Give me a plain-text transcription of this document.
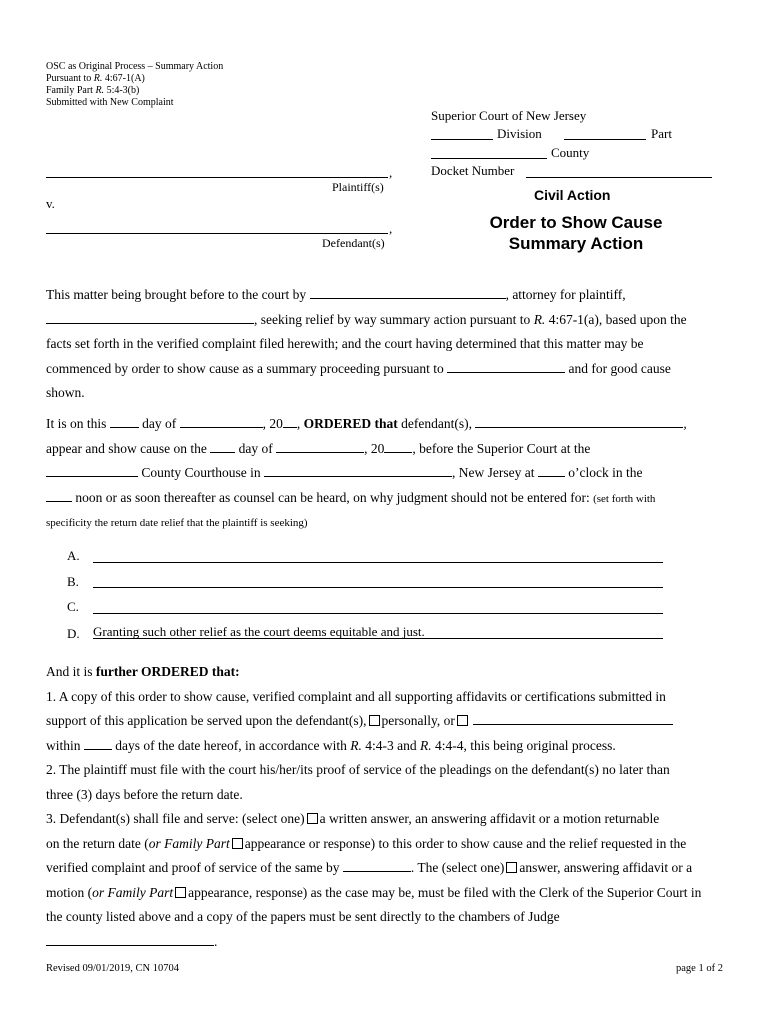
OSC as Original Process – Summary Action
Pursuant to R. 4:67-1(A)
Family Part R. 5:4-3(b)
Submitted with New Complaint
Superior Court of New Jersey
Division	Part
County
Docket Number
,
Plaintiff(s)
v.
,
Defendant(s)
Civil Action
Order to Show Cause
Summary Action
This matter being brought before to the court by	, attorney for plaintiff,
, seeking relief by way summary action pursuant to R. 4:67-1(a), based upon the
facts set forth in the verified complaint filed herewith; and the court having determined that this matter may be
commenced by order to show cause as a summary proceeding pursuant to	and for good cause
shown.
It is on this	day of	, 20 , ORDERED that defendant(s),	,
appear and show cause on the day of	, 20 , before the Superior Court at the
County Courthouse in	, New Jersey at	o’clock in the
noon or as soon thereafter as counsel can be heard, on why judgment should not be entered for: (set forth with
specificity the return date relief that the plaintiff is seeking)
A.
B.
C.
D. Granting such other relief as the court deems equitable and just.
And it is further ORDERED that:
1. A copy of this order to show cause, verified complaint and all supporting affidavits or certifications submitted in
support of this application be served upon the defendant(s), personally, or
within	days of the date hereof, in accordance with R. 4:4-3 and R. 4:4-4, this being original process.
2. The plaintiff must file with the court his/her/its proof of service of the pleadings on the defendant(s) no later than
three (3) days before the return date.
3. Defendant(s) shall file and serve: (select one) a written answer, an answering affidavit or a motion returnable
on the return date (or Family Part appearance or response) to this order to show cause and the relief requested in the
verified complaint and proof of service of the same by	. The (select one) answer, answering affidavit or a
motion (or Family Part appearance, response) as the case may be, must be filed with the Clerk of the Superior Court in
the county listed above and a copy of the papers must be sent directly to the chambers of Judge
.
Revised 09/01/2019, CN 10704	page 1 of 2
